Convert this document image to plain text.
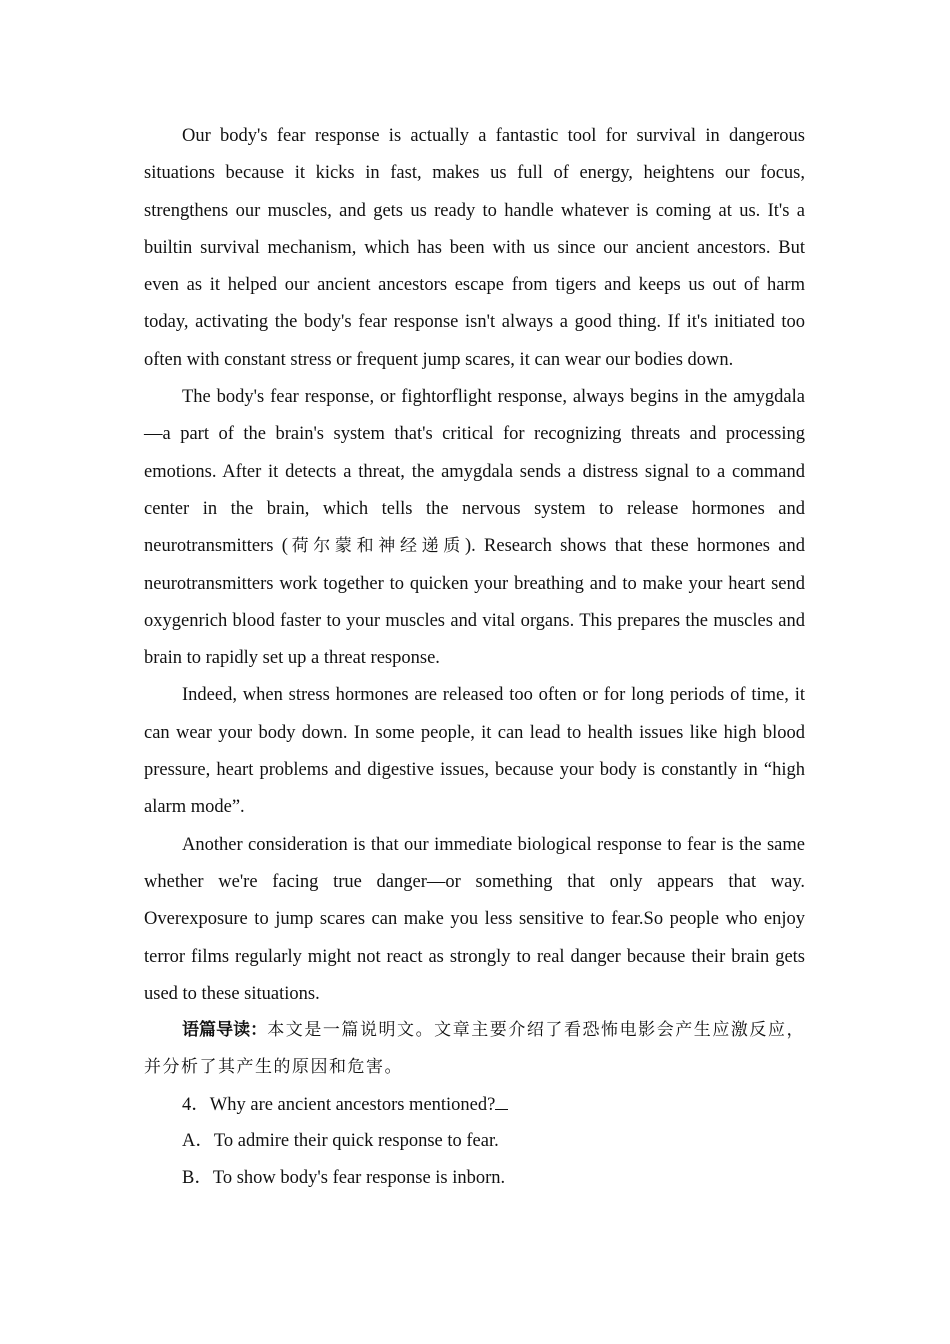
Our body's fear response is actually a fantastic tool for survival in dangerous situations because it kicks in fast, makes us full of energy, heightens our focus, strengthens our muscles, and gets us ready to handle whatever is coming at us. It's a builtin survival mechanism, which has been with us since our ancient ancestors. But even as it helped our ancient ancestors escape from tigers and keeps us out of harm today, activating the body's fear response isn't always a good thing. If it's initiated too often with constant stress or frequent jump scares, it can wear our bodies down.

The body's fear response, or fightorflight response, always begins in the amygdala—a part of the brain's system that's critical for recognizing threats and processing emotions. After it detects a threat, the amygdala sends a distress signal to a command center in the brain, which tells the nervous system to release hormones and neurotransmitters (荷尔蒙和神经递质). Research shows that these hormones and neurotransmitters work together to quicken your breathing and to make your heart send oxygenrich blood faster to your muscles and vital organs. This prepares the muscles and brain to rapidly set up a threat response.

Indeed, when stress hormones are released too often or for long periods of time, it can wear your body down. In some people, it can lead to health issues like high blood pressure, heart problems and digestive issues, because your body is constantly in “high alarm mode”.

Another consideration is that our immediate biological response to fear is the same whether we're facing true danger—or something that only appears that way. Overexposure to jump scares can make you less sensitive to fear.So people who enjoy terror films regularly might not react as strongly to real danger because their brain gets used to these situations.

语篇导读：本文是一篇说明文。文章主要介绍了看恐怖电影会产生应激反应，并分析了其产生的原因和危害。

4．Why are ancient ancestors mentioned?

A．To admire their quick response to fear.

B．To show body's fear response is inborn.
